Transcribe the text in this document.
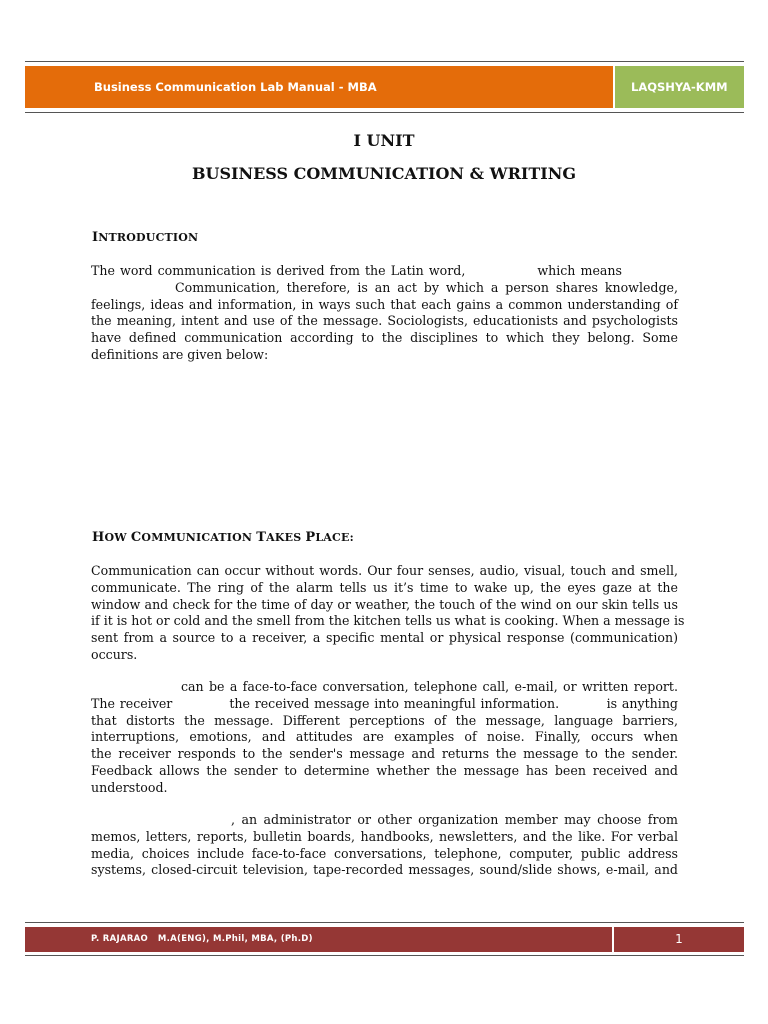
Business Communication Lab Manual - MBA	LAQSHYA-KMM
I UNIT
BUSINESS COMMUNICATION & WRITING
INTRODUCTION
The word communication is derived from the Latin word,	which means
Communication, therefore, is an act by which a person shares knowledge,
feelings, ideas and information, in ways such that each gains a common understanding of
the meaning, intent and use of the message. Sociologists, educationists and psychologists
have defined communication according to the disciplines to which they belong. Some
definitions are given below:
HOW COMMUNICATION TAKES PLACE:
Communication can occur without words. Our four senses, audio, visual, touch and smell,
communicate. The ring of the alarm tells us it’s time to wake up, the eyes gaze at the
window and check for the time of day or weather, the touch of the wind on our skin tells us
if it is hot or cold and the smell from the kitchen tells us what is cooking. When a message is
sent from a source to a receiver, a specific mental or physical response (communication)
occurs.
can be a face-to-face conversation, telephone call, e-mail, or written report.
The receiver            the received message into meaningful information.          is anything
that distorts the message. Different perceptions of the message, language barriers,
interruptions, emotions, and attitudes are examples of noise. Finally, occurs when
the receiver responds to the sender's message and returns the message to the sender.
Feedback allows the sender to determine whether the message has been received and
understood.
, an administrator or other organization member may choose from
memos, letters, reports, bulletin boards, handbooks, newsletters, and the like. For verbal
media, choices include face-to-face conversations, telephone, computer, public address
systems, closed-circuit television, tape-recorded messages, sound/slide shows, e-mail, and
P. RAJARAO   M.A(ENG), M.Phil, MBA, (Ph.D)	1
